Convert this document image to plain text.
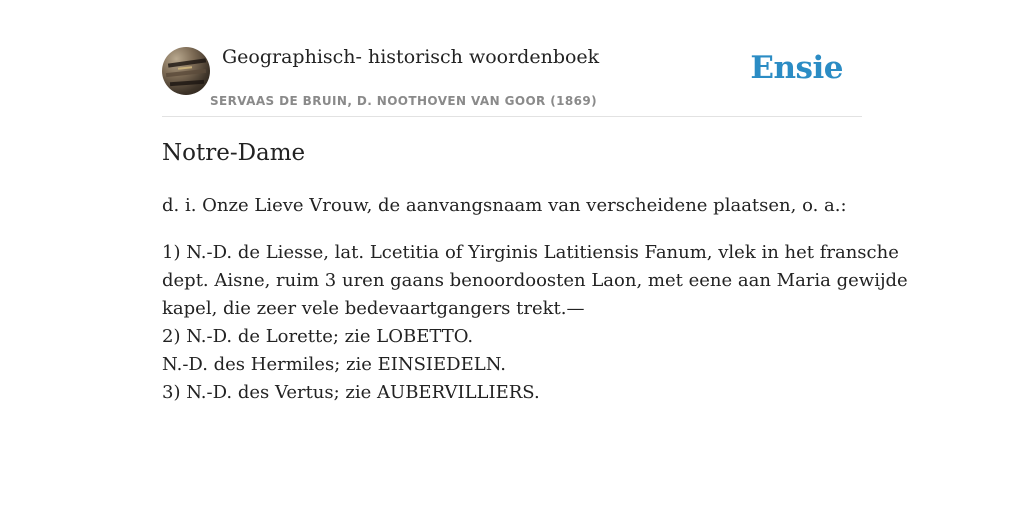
Geographisch- historisch woordenboek
SERVAAS DE BRUIN, D. NOOTHOVEN VAN GOOR (1869)
Ensie
Notre-Dame

d. i. Onze Lieve Vrouw, de aanvangsnaam van verscheidene plaatsen, o. a.:

1) N.-D. de Liesse, lat. Lcetitia of Yirginis Latitiensis Fanum, vlek in het fransche
dept. Aisne, ruim 3 uren gaans benoordoosten Laon, met eene aan Maria gewijde
kapel, die zeer vele bedevaartgangers trekt.—
2) N.-D. de Lorette; zie LOBETTO.
N.-D. des Hermiles; zie EINSIEDELN.
3) N.-D. des Vertus; zie AUBERVILLIERS.
